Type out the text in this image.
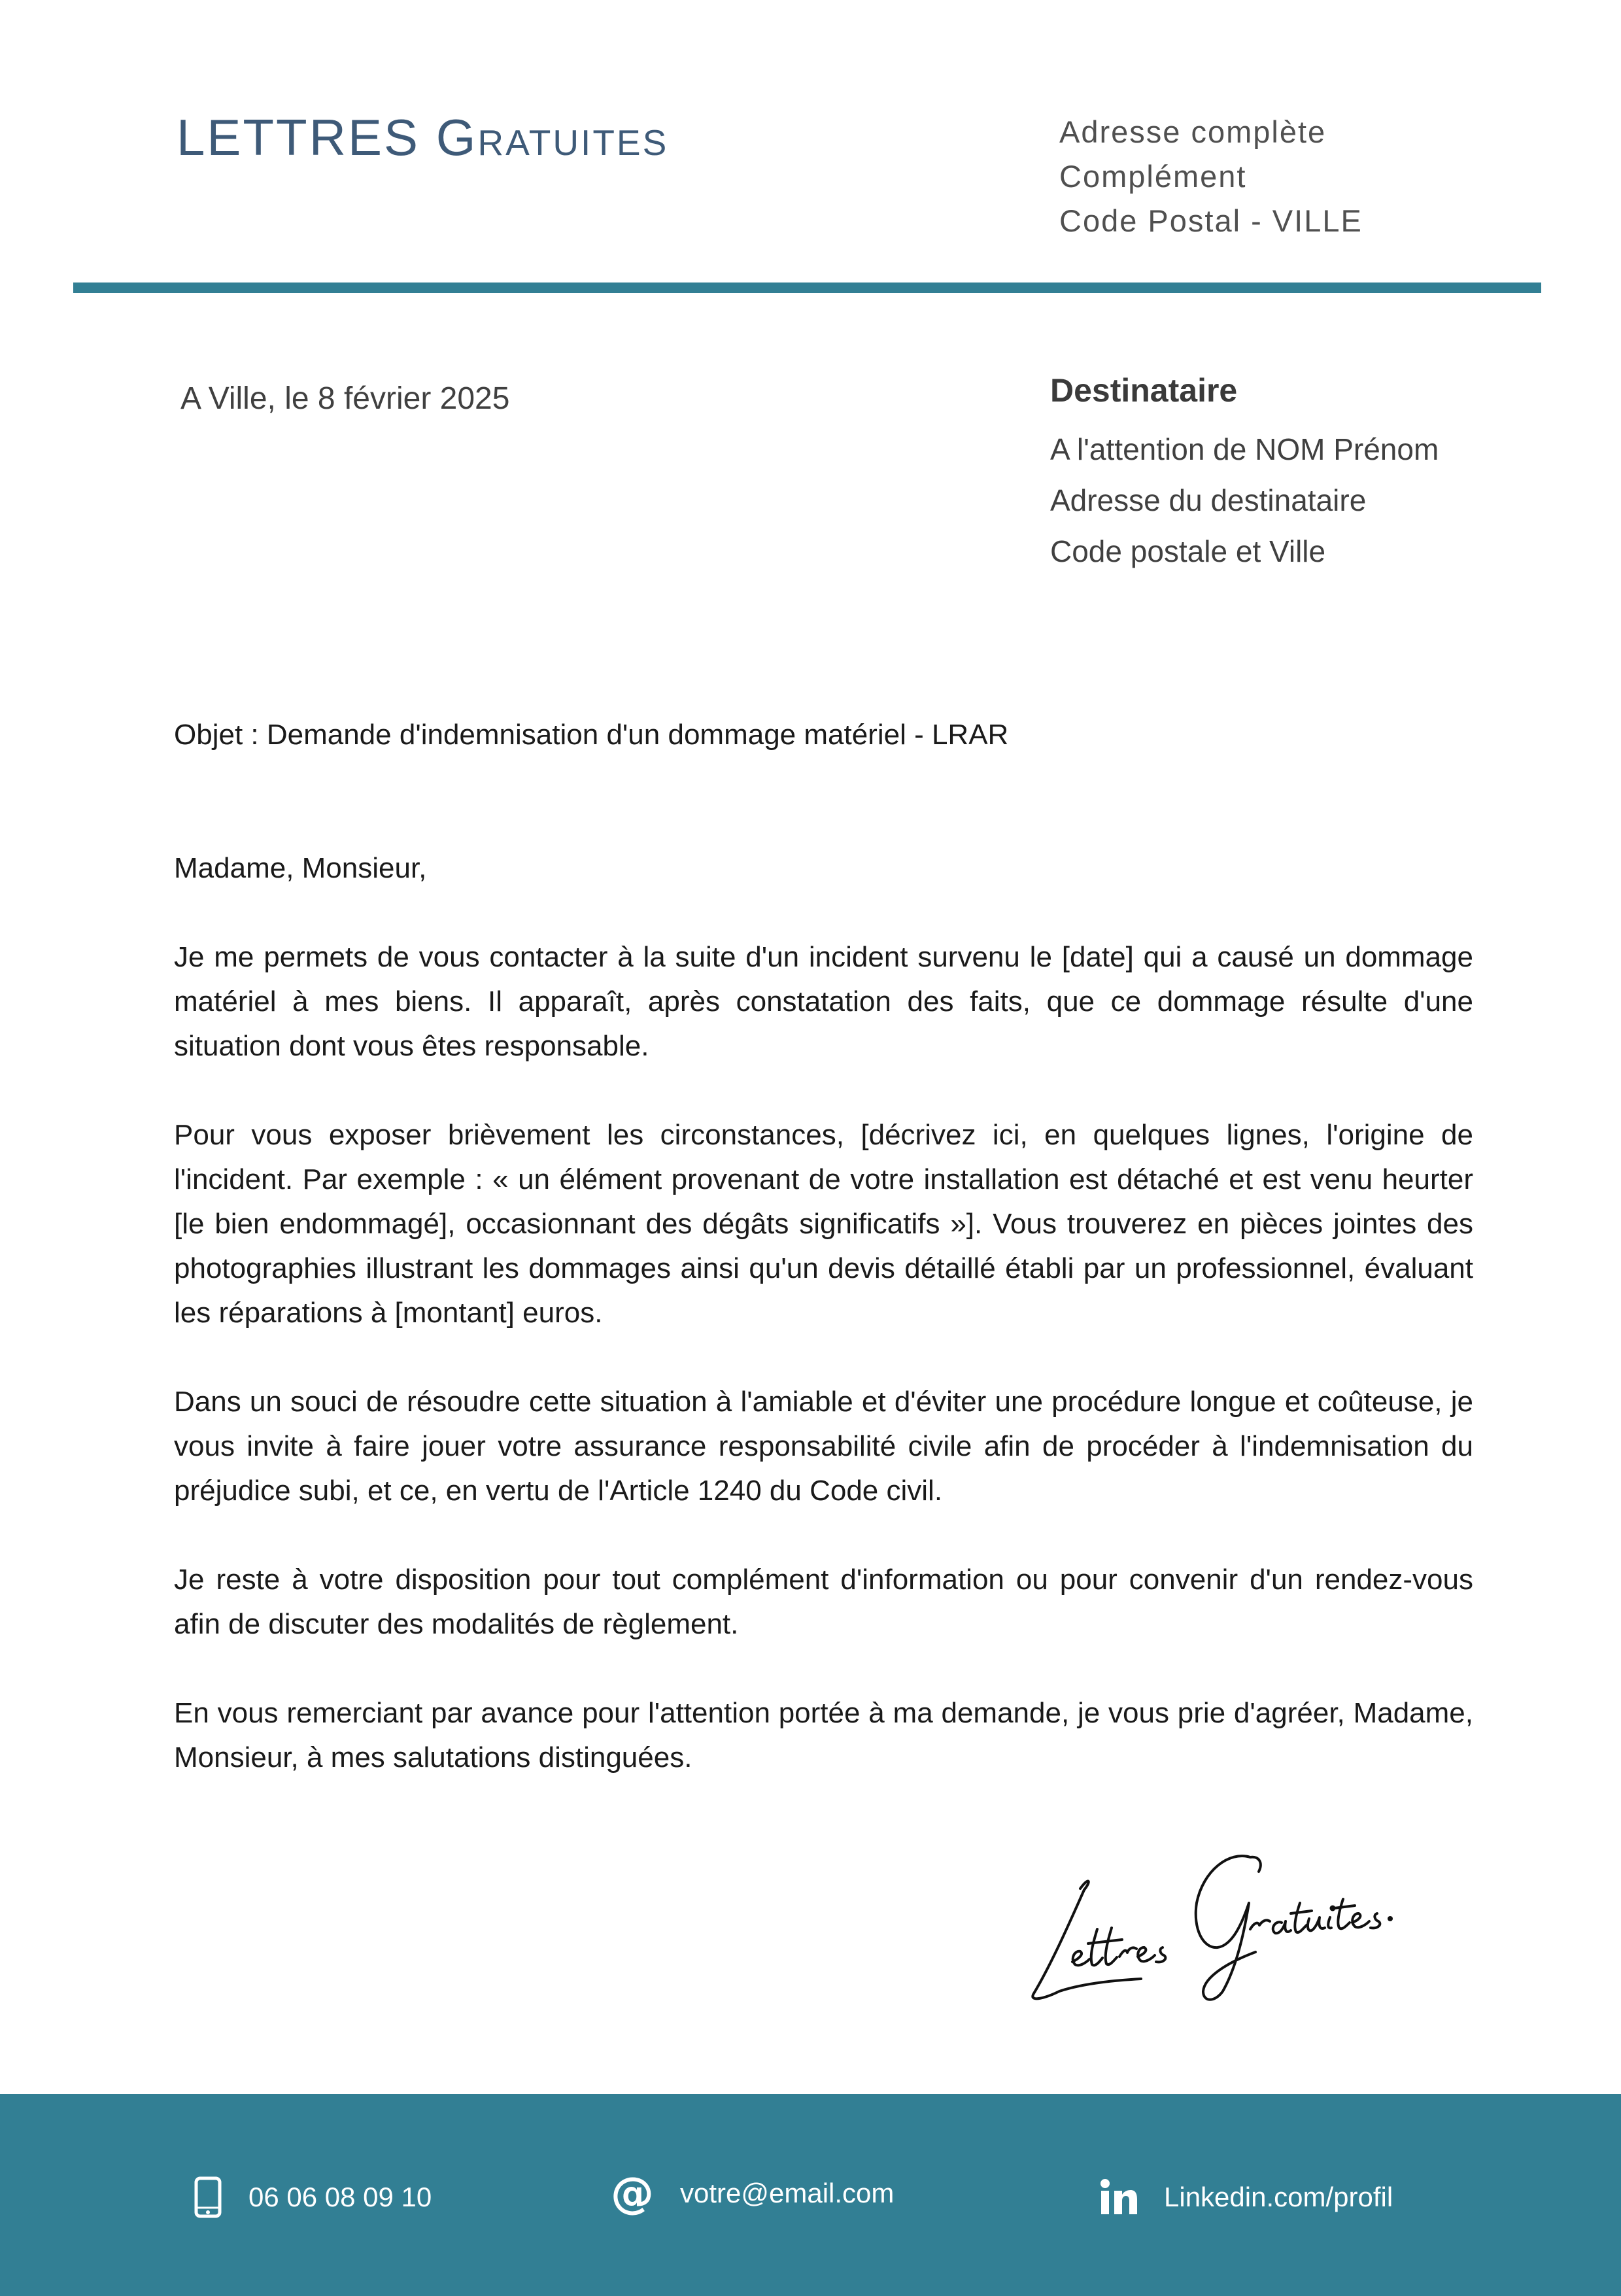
LETTRES Gratuites	Adresse complète
Complément
Code Postal - VILLE
A Ville, le 8 février 2025	Destinataire
A l'attention de NOM Prénom
Adresse du destinataire
Code postale et Ville

Objet : Demande d'indemnisation d'un dommage matériel - LRAR

Madame, Monsieur,

Je me permets de vous contacter à la suite d'un incident survenu le [date] qui a causé un dommage matériel à mes biens. Il apparaît, après constatation des faits, que ce dommage résulte d'une situation dont vous êtes responsable.

Pour vous exposer brièvement les circonstances, [décrivez ici, en quelques lignes, l'origine de l'incident. Par exemple : « un élément provenant de votre installation est détaché et est venu heurter [le bien endommagé], occasionnant des dégâts significatifs »]. Vous trouverez en pièces jointes des photographies illustrant les dommages ainsi qu'un devis détaillé établi par un professionnel, évaluant les réparations à [montant] euros.

Dans un souci de résoudre cette situation à l'amiable et d'éviter une procédure longue et coûteuse, je vous invite à faire jouer votre assurance responsabilité civile afin de procéder à l'indemnisation du préjudice subi, et ce, en vertu de l'Article 1240 du Code civil.

Je reste à votre disposition pour tout complément d'information ou pour convenir d'un rendez-vous afin de discuter des modalités de règlement.

En vous remerciant par avance pour l'attention portée à ma demande, je vous prie d'agréer, Madame, Monsieur, à mes salutations distinguées.

06 06 08 09 10	@ votre@email.com	Linkedin.com/profil
